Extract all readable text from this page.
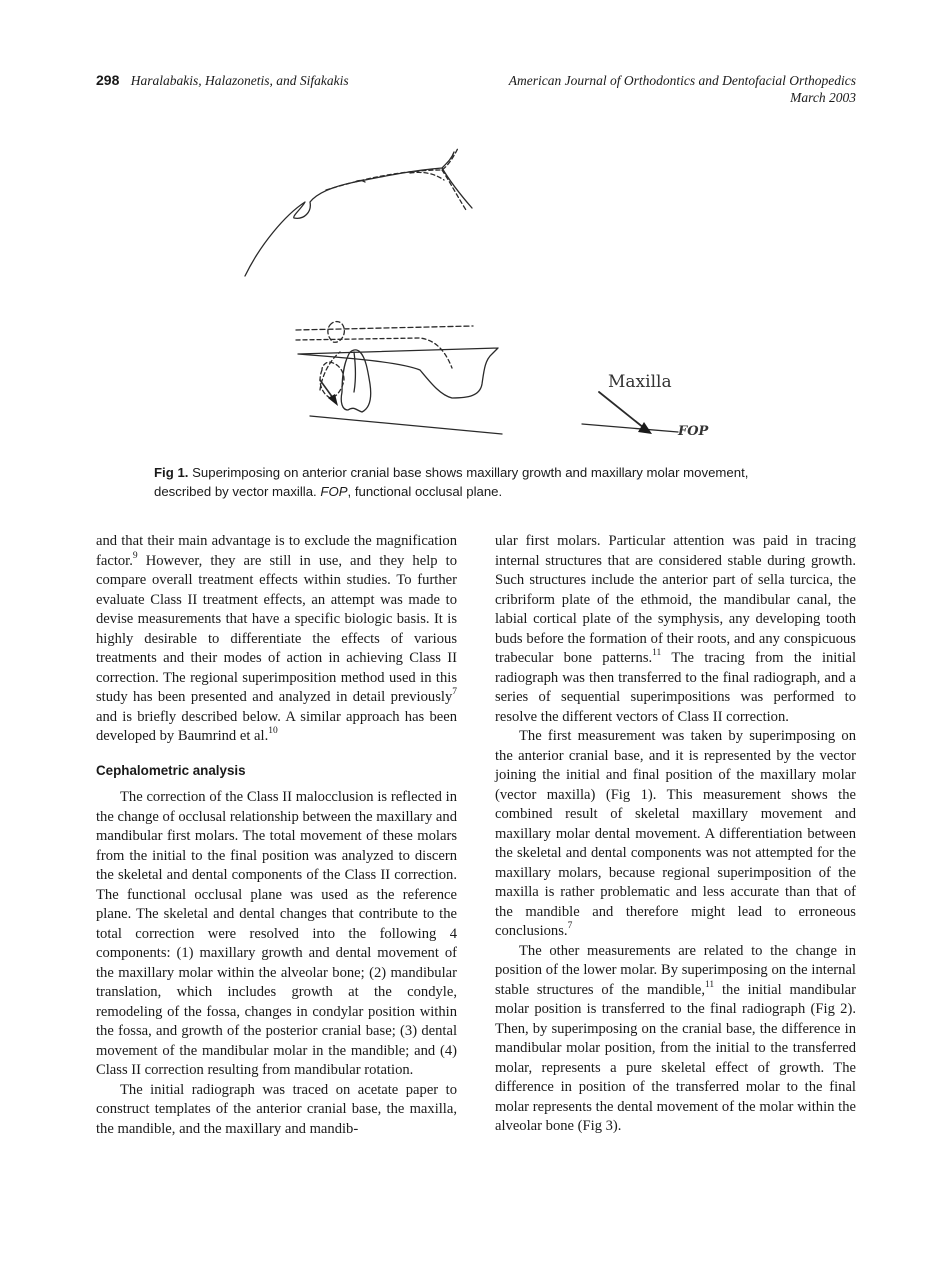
298 Haralabakis, Halazonetis, and Sifakakis	American Journal of Orthodontics and Dentofacial Orthopedics
March 2003
Maxilla
FOP
Fig 1. Superimposing on anterior cranial base shows maxillary growth and maxillary molar movement, described by vector maxilla. FOP, functional occlusal plane.

and that their main advantage is to exclude the magnification factor.$^9$ However, they are still in use, and they help to compare overall treatment effects within studies. To further evaluate Class II treatment effects, an attempt was made to devise measurements that have a specific biologic basis. It is highly desirable to differentiate the effects of various treatments and their modes of action in achieving Class II correction. The regional superimposition method used in this study has been presented and analyzed in detail previously$^7$ and is briefly described below. A similar approach has been developed by Baumrind et al.$^{10}$

Cephalometric analysis

The correction of the Class II malocclusion is reflected in the change of occlusal relationship between the maxillary and mandibular first molars. The total movement of these molars from the initial to the final position was analyzed to discern the skeletal and dental components of the Class II correction. The functional occlusal plane was used as the reference plane. The skeletal and dental changes that contribute to the total correction were resolved into the following 4 components: (1) maxillary growth and dental movement of the maxillary molar within the alveolar bone; (2) mandibular translation, which includes growth at the condyle, remodeling of the fossa, changes in condylar position within the fossa, and growth of the posterior cranial base; (3) dental movement of the mandibular molar in the mandible; and (4) Class II correction resulting from mandibular rotation.

The initial radiograph was traced on acetate paper to construct templates of the anterior cranial base, the maxilla, the mandible, and the maxillary and mandib-

ular first molars. Particular attention was paid in tracing internal structures that are considered stable during growth. Such structures include the anterior part of sella turcica, the cribriform plate of the ethmoid, the mandibular canal, the labial cortical plate of the symphysis, any developing tooth buds before the formation of their roots, and any conspicuous trabecular bone patterns.$^{11}$ The tracing from the initial radiograph was then transferred to the final radiograph, and a series of sequential superimpositions was performed to resolve the different vectors of Class II correction.

The first measurement was taken by superimposing on the anterior cranial base, and it is represented by the vector joining the initial and final position of the maxillary molar (vector maxilla) (Fig 1). This measurement shows the combined result of skeletal maxillary movement and maxillary molar dental movement. A differentiation between the skeletal and dental components was not attempted for the maxillary molars, because regional superimposition of the maxilla is rather problematic and less accurate than that of the mandible and therefore might lead to erroneous conclusions.$^7$

The other measurements are related to the change in position of the lower molar. By superimposing on the internal stable structures of the mandible,$^{11}$ the initial mandibular molar position is transferred to the final radiograph (Fig 2). Then, by superimposing on the cranial base, the difference in mandibular molar position, from the initial to the transferred molar, represents a pure skeletal effect of growth. The difference in position of the transferred molar to the final molar represents the dental movement of the molar within the alveolar bone (Fig 3).
